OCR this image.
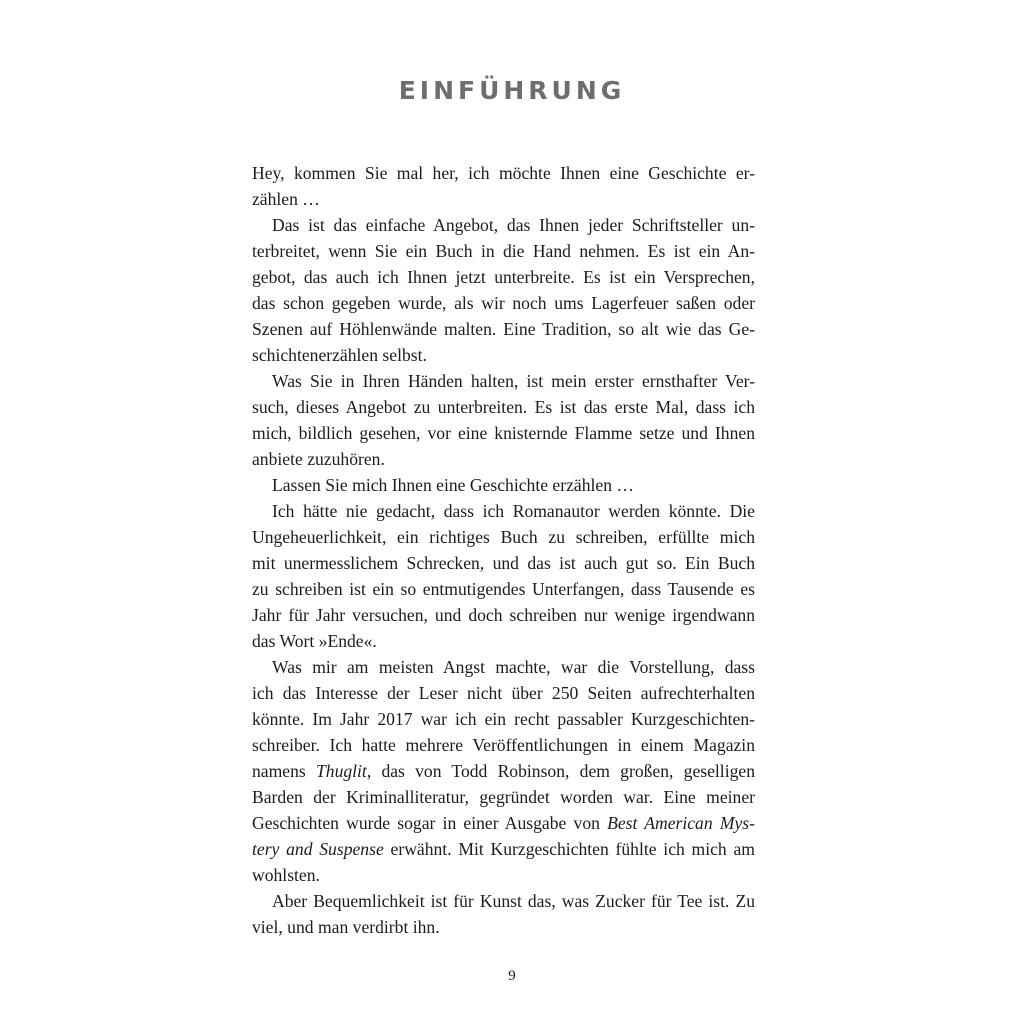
EINFÜHRUNG
Hey, kommen Sie mal her, ich möchte Ihnen eine Geschichte er-
zählen …
Das ist das einfache Angebot, das Ihnen jeder Schriftsteller un-
terbreitet, wenn Sie ein Buch in die Hand nehmen. Es ist ein An-
gebot, das auch ich Ihnen jetzt unterbreite. Es ist ein Versprechen,
das schon gegeben wurde, als wir noch ums Lagerfeuer saßen oder
Szenen auf Höhlenwände malten. Eine Tradition, so alt wie das Ge-
schichtenerzählen selbst.
Was Sie in Ihren Händen halten, ist mein erster ernsthafter Ver-
such, dieses Angebot zu unterbreiten. Es ist das erste Mal, dass ich
mich, bildlich gesehen, vor eine knisternde Flamme setze und Ihnen
anbiete zuzuhören.
Lassen Sie mich Ihnen eine Geschichte erzählen …
Ich hätte nie gedacht, dass ich Romanautor werden könnte. Die
Ungeheuerlichkeit, ein richtiges Buch zu schreiben, erfüllte mich
mit unermesslichem Schrecken, und das ist auch gut so. Ein Buch
zu schreiben ist ein so entmutigendes Unterfangen, dass Tausende es
Jahr für Jahr versuchen, und doch schreiben nur wenige irgendwann
das Wort »Ende«.
Was mir am meisten Angst machte, war die Vorstellung, dass
ich das Interesse der Leser nicht über 250 Seiten aufrechterhalten
könnte. Im Jahr 2017 war ich ein recht passabler Kurzgeschichten-
schreiber. Ich hatte mehrere Veröffentlichungen in einem Magazin
namens Thuglit, das von Todd Robinson, dem großen, geselligen
Barden der Kriminalliteratur, gegründet worden war. Eine meiner
Geschichten wurde sogar in einer Ausgabe von Best American Mys-
tery and Suspense erwähnt. Mit Kurzgeschichten fühlte ich mich am
wohlsten.
Aber Bequemlichkeit ist für Kunst das, was Zucker für Tee ist. Zu
viel, und man verdirbt ihn.
9
